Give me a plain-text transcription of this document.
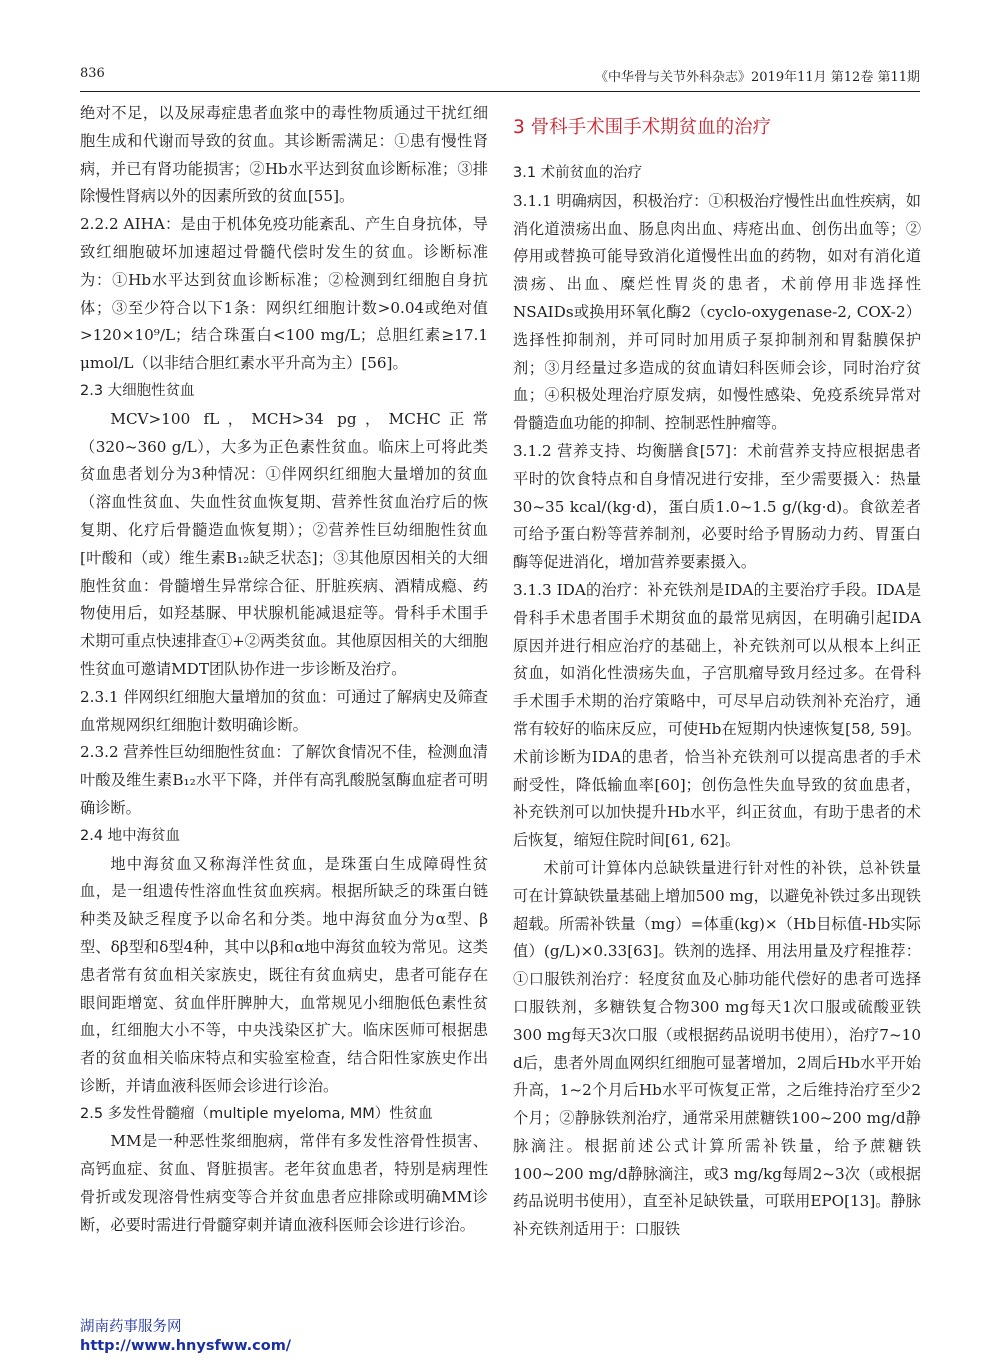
836	《中华骨与关节外科杂志》2019年11月 第12卷 第11期

绝对不足，以及尿毒症患者血浆中的毒性物质通过干扰红细胞生成和代谢而导致的贫血。其诊断需满足：①患有慢性肾病，并已有肾功能损害；②Hb水平达到贫血诊断标准；③排除慢性肾病以外的因素所致的贫血[55]。

2.2.2 AIHA：是由于机体免疫功能紊乱、产生自身抗体，导致红细胞破坏加速超过骨髓代偿时发生的贫血。诊断标准为：①Hb水平达到贫血诊断标准；②检测到红细胞自身抗体；③至少符合以下1条：网织红细胞计数>0.04或绝对值>120×10⁹/L；结合珠蛋白<100 mg/L；总胆红素≥17.1 μmol/L（以非结合胆红素水平升高为主）[56]。

2.3 大细胞性贫血

MCV>100 fL，MCH>34 pg，MCHC正常（320~360 g/L），大多为正色素性贫血。临床上可将此类贫血患者划分为3种情况：①伴网织红细胞大量增加的贫血（溶血性贫血、失血性贫血恢复期、营养性贫血治疗后的恢复期、化疗后骨髓造血恢复期）；②营养性巨幼细胞性贫血[叶酸和（或）维生素B₁₂缺乏状态]；③其他原因相关的大细胞性贫血：骨髓增生异常综合征、肝脏疾病、酒精成瘾、药物使用后，如羟基脲、甲状腺机能减退症等。骨科手术围手术期可重点快速排查①+②两类贫血。其他原因相关的大细胞性贫血可邀请MDT团队协作进一步诊断及治疗。

2.3.1 伴网织红细胞大量增加的贫血：可通过了解病史及筛查血常规网织红细胞计数明确诊断。

2.3.2 营养性巨幼细胞性贫血：了解饮食情况不佳，检测血清叶酸及维生素B₁₂水平下降，并伴有高乳酸脱氢酶血症者可明确诊断。

2.4 地中海贫血

地中海贫血又称海洋性贫血，是珠蛋白生成障碍性贫血，是一组遗传性溶血性贫血疾病。根据所缺乏的珠蛋白链种类及缺乏程度予以命名和分类。地中海贫血分为α型、β型、δβ型和δ型4种，其中以β和α地中海贫血较为常见。这类患者常有贫血相关家族史，既往有贫血病史，患者可能存在眼间距增宽、贫血伴肝脾肿大，血常规见小细胞低色素性贫血，红细胞大小不等，中央浅染区扩大。临床医师可根据患者的贫血相关临床特点和实验室检查，结合阳性家族史作出诊断，并请血液科医师会诊进行诊治。

2.5 多发性骨髓瘤（multiple myeloma, MM）性贫血

MM是一种恶性浆细胞病，常伴有多发性溶骨性损害、高钙血症、贫血、肾脏损害。老年贫血患者，特别是病理性骨折或发现溶骨性病变等合并贫血患者应排除或明确MM诊断，必要时需进行骨髓穿刺并请血液科医师会诊进行诊治。

3 骨科手术围手术期贫血的治疗

3.1 术前贫血的治疗

3.1.1 明确病因，积极治疗：①积极治疗慢性出血性疾病，如消化道溃疡出血、肠息肉出血、痔疮出血、创伤出血等；②停用或替换可能导致消化道慢性出血的药物，如对有消化道溃疡、出血、糜烂性胃炎的患者，术前停用非选择性NSAIDs或换用环氧化酶2（cyclo-oxygenase-2, COX-2）选择性抑制剂，并可同时加用质子泵抑制剂和胃黏膜保护剂；③月经量过多造成的贫血请妇科医师会诊，同时治疗贫血；④积极处理治疗原发病，如慢性感染、免疫系统异常对骨髓造血功能的抑制、控制恶性肿瘤等。

3.1.2 营养支持、均衡膳食[57]：术前营养支持应根据患者平时的饮食特点和自身情况进行安排，至少需要摄入：热量30~35 kcal/(kg·d)，蛋白质1.0~1.5 g/(kg·d)。食欲差者可给予蛋白粉等营养制剂，必要时给予胃肠动力药、胃蛋白酶等促进消化，增加营养要素摄入。

3.1.3 IDA的治疗：补充铁剂是IDA的主要治疗手段。IDA是骨科手术患者围手术期贫血的最常见病因，在明确引起IDA原因并进行相应治疗的基础上，补充铁剂可以从根本上纠正贫血，如消化性溃疡失血，子宫肌瘤导致月经过多。在骨科手术围手术期的治疗策略中，可尽早启动铁剂补充治疗，通常有较好的临床反应，可使Hb在短期内快速恢复[58, 59]。术前诊断为IDA的患者，恰当补充铁剂可以提高患者的手术耐受性，降低输血率[60]；创伤急性失血导致的贫血患者，补充铁剂可以加快提升Hb水平，纠正贫血，有助于患者的术后恢复，缩短住院时间[61, 62]。

术前可计算体内总缺铁量进行针对性的补铁，总补铁量可在计算缺铁量基础上增加500 mg，以避免补铁过多出现铁超载。所需补铁量（mg）=体重(kg)×（Hb目标值-Hb实际值）(g/L)×0.33[63]。铁剂的选择、用法用量及疗程推荐：①口服铁剂治疗：轻度贫血及心肺功能代偿好的患者可选择口服铁剂，多糖铁复合物300 mg每天1次口服或硫酸亚铁300 mg每天3次口服（或根据药品说明书使用），治疗7~10 d后，患者外周血网织红细胞可显著增加，2周后Hb水平开始升高，1~2个月后Hb水平可恢复正常，之后维持治疗至少2个月；②静脉铁剂治疗，通常采用蔗糖铁100~200 mg/d静脉滴注。根据前述公式计算所需补铁量，给予蔗糖铁100~200 mg/d静脉滴注，或3 mg/kg每周2~3次（或根据药品说明书使用），直至补足缺铁量，可联用EPO[13]。静脉补充铁剂适用于：口服铁

湖南药事服务网
http://www.hnysfww.com/
